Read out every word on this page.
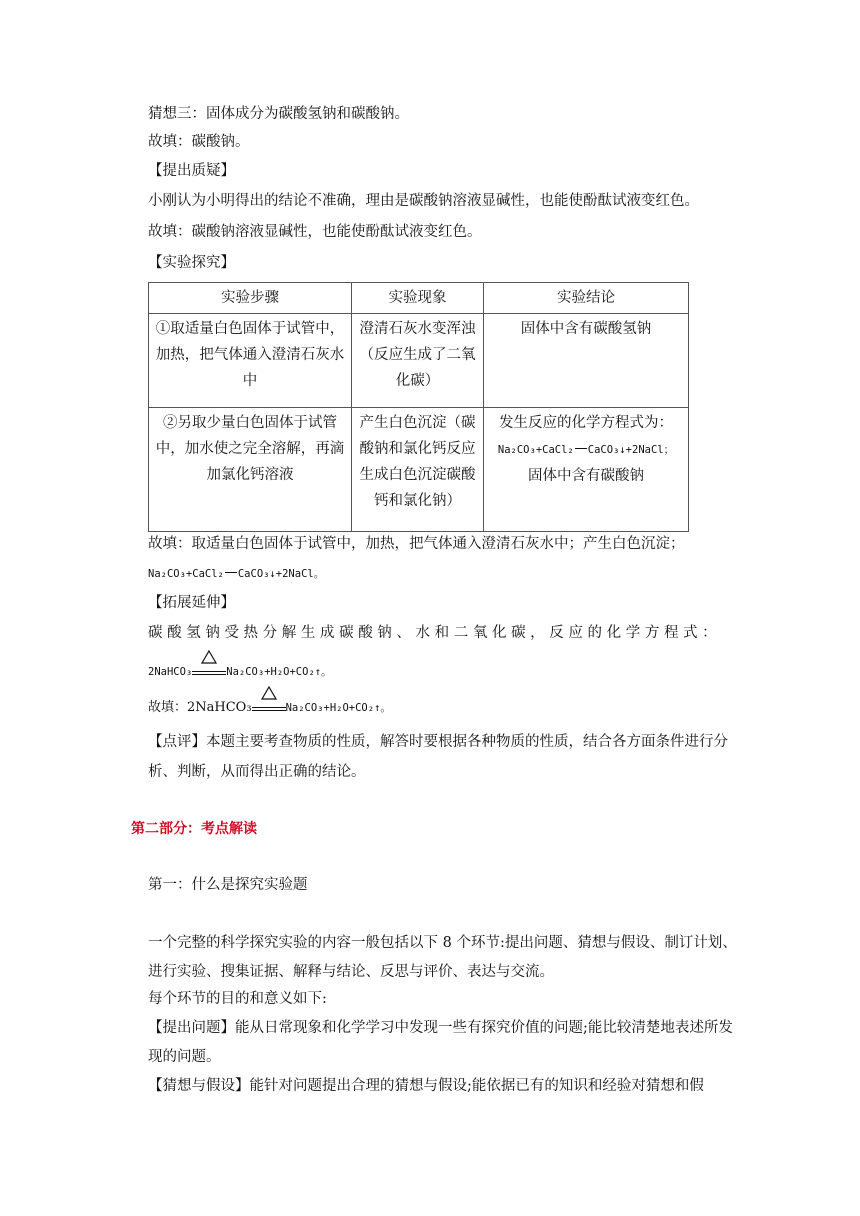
猜想三：固体成分为碳酸氢钠和碳酸钠。
故填：碳酸钠。
【提出质疑】
小刚认为小明得出的结论不准确，理由是碳酸钠溶液显碱性，也能使酚酞试液变红色。
故填：碳酸钠溶液显碱性，也能使酚酞试液变红色。
【实验探究】
实验步骤	实验现象	实验结论
①取适量白色固体于试管中，加热，把气体通入澄清石灰水中	澄清石灰水变浑浊（反应生成了二氧化碳）	固体中含有碳酸氢钠
②另取少量白色固体于试管中，加水使之完全溶解，再滴加氯化钙溶液	产生白色沉淀（碳酸钠和氯化钙反应生成白色沉淀碳酸钙和氯化钠）	发生反应的化学方程式为：
Na₂CO₃+CaCl₂ CaCO₃↓+2NaCl；
固体中含有碳酸钠
故填：取适量白色固体于试管中，加热，把气体通入澄清石灰水中；产生白色沉淀；
Na₂CO₃+CaCl₂ CaCO₃↓+2NaCl。
【拓展延伸】
碳 酸 氢 钠 受 热 分 解 生 成 碳 酸 钠 、 水 和 二 氧 化 碳 ， 反 应 的 化 学 方 程 式 ：
2NaHCO₃	Na₂CO₃+H₂O+CO₂↑。
故填：2NaHCO₃	Na₂CO₃+H₂O+CO₂↑。
【点评】本题主要考查物质的性质，解答时要根据各种物质的性质，结合各方面条件进行分析、判断，从而得出正确的结论。
第二部分：考点解读
第一：什么是探究实验题
一个完整的科学探究实验的内容一般包括以下 8 个环节:提出问题、猜想与假设、制订计划、进行实验、搜集证据、解释与结论、反思与评价、表达与交流。
每个环节的目的和意义如下:
【提出问题】能从日常现象和化学学习中发现一些有探究价值的问题;能比较清楚地表述所发现的问题。
【猜想与假设】能针对问题提出合理的猜想与假设;能依据已有的知识和经验对猜想和假
